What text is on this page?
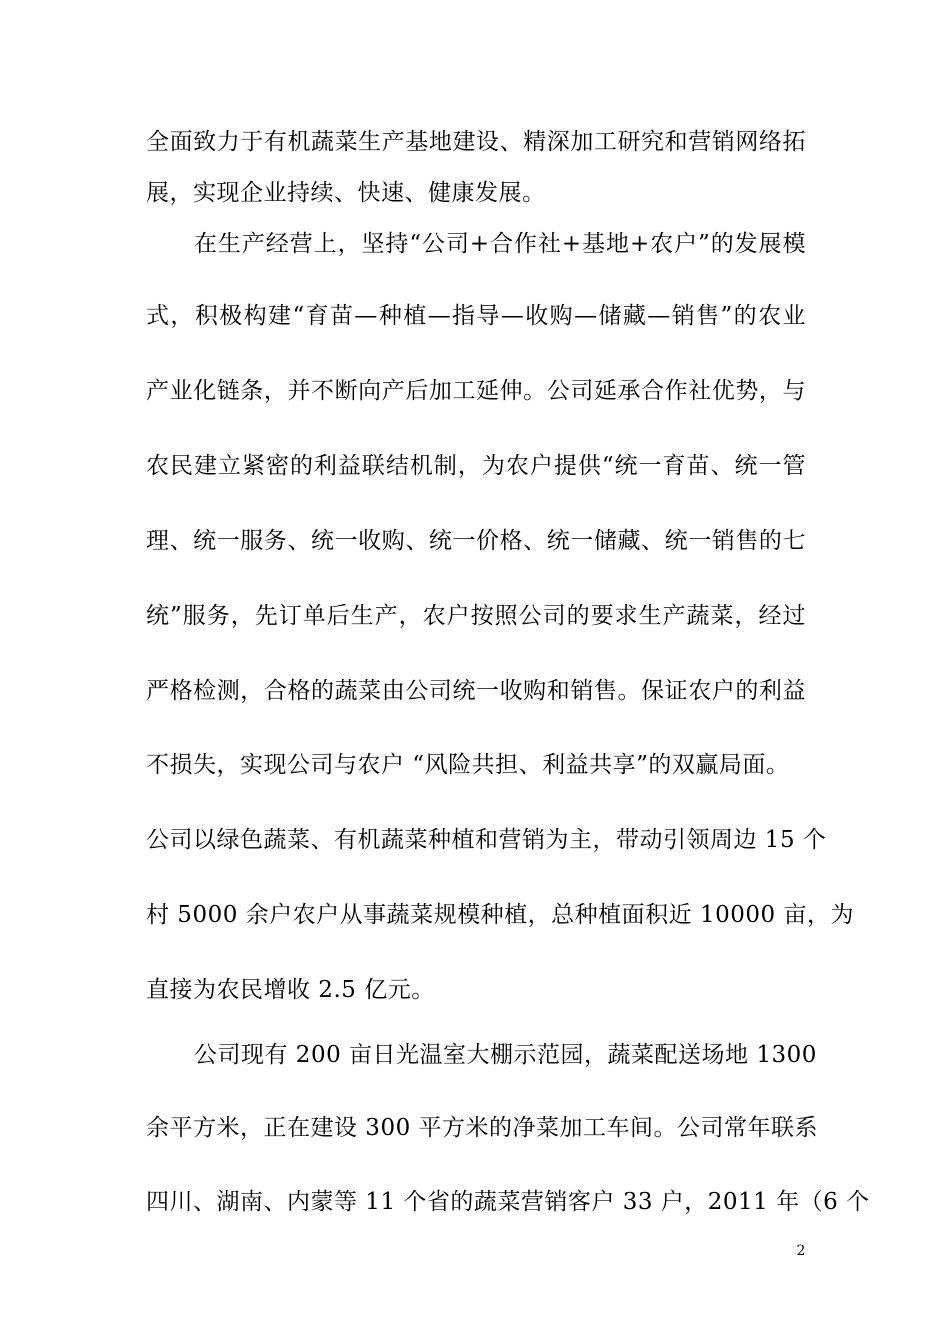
全面致力于有机蔬菜生产基地建设、精深加工研究和营销网络拓
展，实现企业持续、快速、健康发展。
在生产经营上，坚持“公司+合作社+基地+农户”的发展模
式，积极构建“育苗—种植—指导—收购—储藏—销售”的农业
产业化链条，并不断向产后加工延伸。公司延承合作社优势，与
农民建立紧密的利益联结机制，为农户提供“统一育苗、统一管
理、统一服务、统一收购、统一价格、统一储藏、统一销售的七
统”服务，先订单后生产，农户按照公司的要求生产蔬菜，经过
严格检测，合格的蔬菜由公司统一收购和销售。保证农户的利益
不损失，实现公司与农户 “风险共担、利益共享”的双赢局面。
公司以绿色蔬菜、有机蔬菜种植和营销为主，带动引领周边 15 个
村 5000 余户农户从事蔬菜规模种植，总种植面积近 10000 亩，为
直接为农民增收 2.5 亿元。
公司现有 200 亩日光温室大棚示范园，蔬菜配送场地 1300
余平方米，正在建设 300 平方米的净菜加工车间。公司常年联系
四川、湖南、内蒙等 11 个省的蔬菜营销客户 33 户，2011 年（6 个
2
